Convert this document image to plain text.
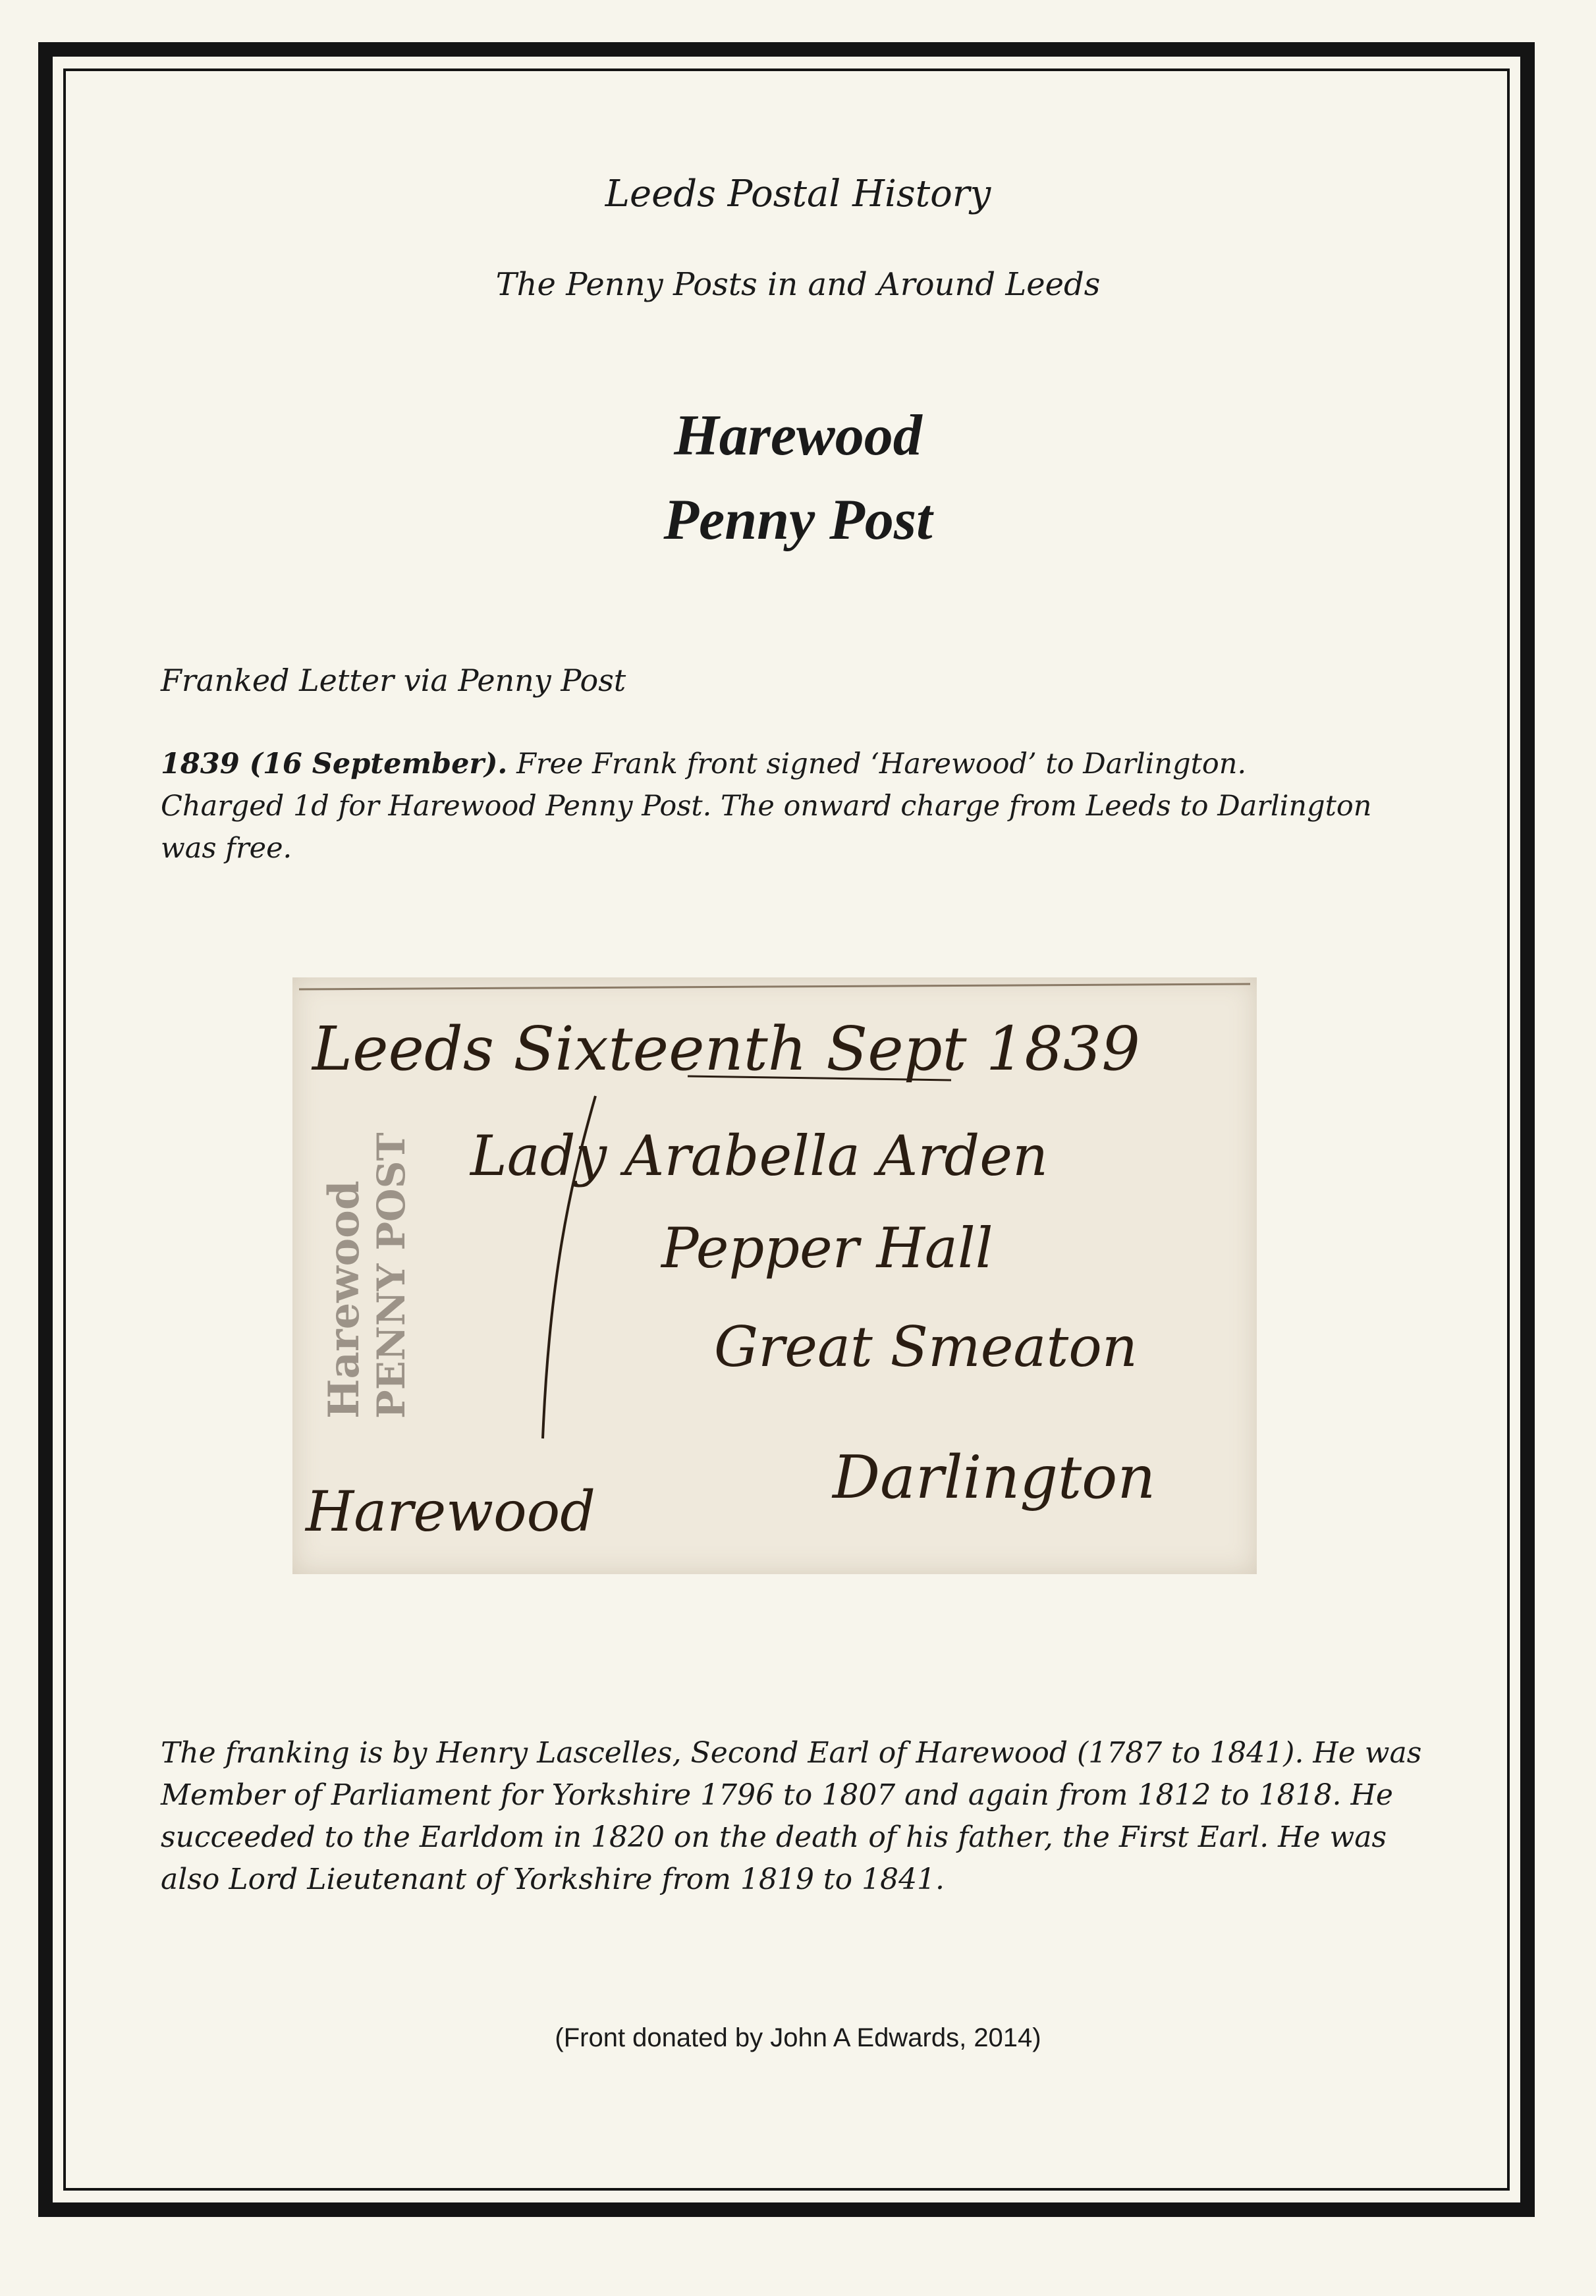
Leeds Postal History
The Penny Posts in and Around Leeds
Harewood
Penny Post
Franked Letter via Penny Post
1839 (16 September). Free Frank front signed ‘Harewood’ to Darlington. Charged 1d for Harewood Penny Post. The onward charge from Leeds to Darlington was free.
Leeds Sixteenth Sept 1839
Lady Arabella Arden
Pepper Hall
Great Smeaton
Darlington
Harewood
Harewood PENNY POST
The franking is by Henry Lascelles, Second Earl of Harewood (1787 to 1841). He was Member of Parliament for Yorkshire 1796 to 1807 and again from 1812 to 1818. He succeeded to the Earldom in 1820 on the death of his father, the First Earl. He was also Lord Lieutenant of Yorkshire from 1819 to 1841.
(Front donated by John A Edwards, 2014)
